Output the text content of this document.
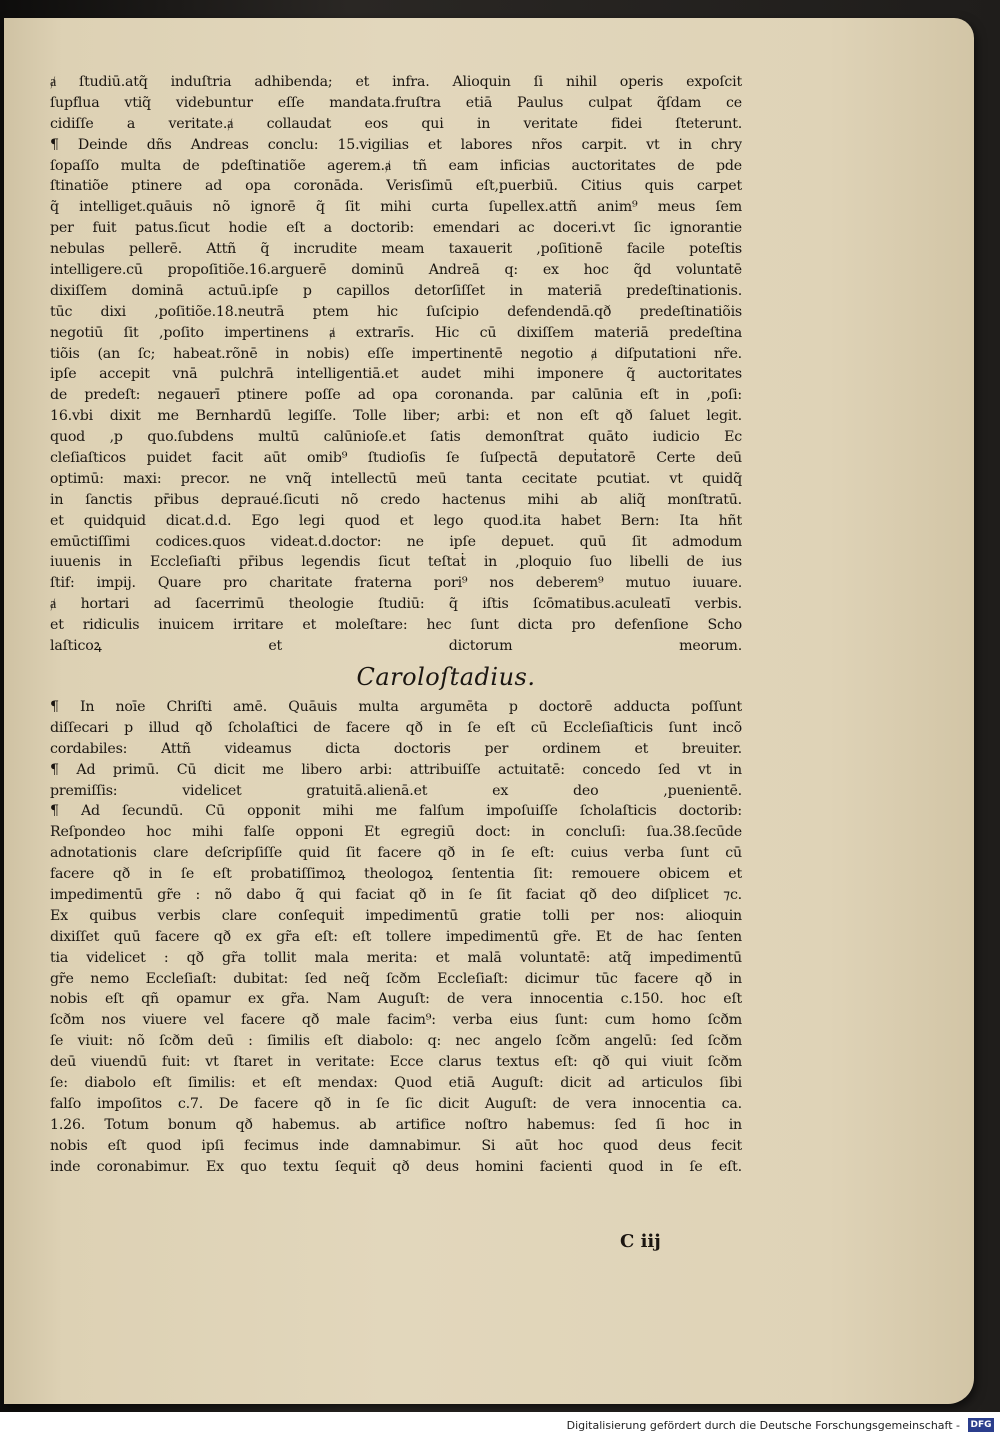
ⱥ ſtudiū.atq̃ induſtria adhibenda; et infra. Alioquin ſi nihil operis expoſcit
ſupflua vtiq̃ videbuntur eſſe mandata.fruſtra etiā Paulus culpat q̃ſdam ce
cidiſſe a veritate.ⱥ collaudat eos qui in veritate fidei ſteterunt.
¶ Deinde dñs Andreas conclu: 15.vigilias et labores nr̃os carpit. vt in chry
ſopaſſo multa de pdeſtinatiõe agerem.ⱥ tñ eam inficias auctoritates de pde
ſtinatiõe ptinere ad opa coronāda. Verisſimū eſt,puerbiū. Citius quis carpet
q̃ intelliget.quāuis nõ ignorē q̃ ſit mihi curta ſupellex.attñ anim⁹ meus ſem
per fuit patus.ſicut hodie eſt a doctorib: emendari ac doceri.vt ſic ignorantie
nebulas pellerē. Attñ q̃ incrudite meam taxauerit ,poſitionē facile poteſtis
intelligere.cū propoſitiõe.16.arguerē dominū Andreā q: ex hoc q̃d voluntatē
dixiſſem dominā actuū.ipſe p capillos detorſiſſet in materiā predeſtinationis.
tūc dixi ,poſitiõe.18.neutrā ptem hic ſuſcipio defendendā.qð predeſtinatiõis
negotiū ſit ,poſito impertinens ⱥ extrarīs. Hic cū dixiſſem materiā predeſtina
tiõis (an ſc; habeat.rõnē in nobis) eſſe impertinentē negotio ⱥ diſputationi nr̃e.
ipſe accepit vnā pulchrā intelligentiā.et audet mihi imponere q̃ auctoritates
de predeſt: negauerī ptinere poſſe ad opa coronanda. par calūnia eſt in ,poſi:
16.vbi dixit me Bernhardū legiſſe. Tolle liber; arbi: et non eſt qð ſaluet legit.
quod ,p quo.ſubdens multū calūnioſe.et ſatis demonſtrat quāto iudicio Ec
cleſiaſticos puidet facit aūt omib⁹ ſtudioſis ſe ſuſpectā depuṫatorē Certe deū
optimū: maxi: precor. ne vnq̃ intellectū meū tanta cecitate pcutiat. vt quidq̃
in ſanctis pr̄ibus depraué.ſicuti nõ credo hactenus mihi ab aliq̃ monſtratū.
et quidquid dicat.d.d. Ego legi quod et lego quod.ita habet Bern: Ita hñt
emūctiſſimi codices.quos videat.d.doctor: ne ipſe depuet. quū ſit admodum
iuuenis in Eccleſiaſti pr̄ibus legendis ſicut teſtaṫ in ,ploquio ſuo libelli de ius
ſtif: impij. Quare pro charitate fraterna pori⁹ nos deberem⁹ mutuo iuuare.
ⱥ hortari ad ſacerrimū theologie ſtudiū: q̃ iſtis ſcōmatibus.aculeatī verbis.
et ridiculis inuicem irritare et moleſtare: hec ſunt dicta pro defenſione Scho
laſticoꝝ et dictorum meorum.
Caroloſtadius.
¶ In noīe Chriſti amē. Quāuis multa argumēta p doctorē adducta poſſunt
diſſecari p illud qð ſcholaſtici de facere qð in ſe eſt cū Eccleſiaſticis ſunt incõ
cordabiles: Attñ videamus dicta doctoris per ordinem et breuiter.
¶ Ad primū. Cū dicit me libero arbi: attribuiſſe actuitatē: concedo ſed vt in
premiſſis: videlicet gratuitā.alienā.et ex deo ,puenientē.
¶ Ad ſecundū. Cū opponit mihi me falſum impoſuiſſe ſcholaſticis doctorib:
Reſpondeo hoc mihi falſe opponi Et egregiū doct: in concluſi: ſua.38.ſecūde
adnotationis clare deſcripſiſſe quid ſit facere qð in ſe eſt: cuius verba ſunt cū
facere qð in ſe eſt probatiſſimoꝝ theologoꝝ ſententia ſit: remouere obicem et
impedimentū gr̃e : nõ dabo q̃ qui faciat qð in ſe ſit faciat qð deo diſplicet ⁊c.
Ex quibus verbis clare conſequiṫ impedimentū gratie tolli per nos: alioquin
dixiſſet quū facere qð ex gr̃a eſt: eſt tollere impedimentū gr̃e. Et de hac ſenten
tia videlicet : qð gr̃a tollit mala merita: et malā voluntatē: atq̃ impedimentū
gr̃e nemo Eccleſiaſt: dubitat: ſed neq̃ ſcðm Eccleſiaſt: dicimur tūc facere qð in
nobis eſt qñ opamur ex gr̃a. Nam Auguſt: de vera innocentia c.150. hoc eſt
ſcðm nos viuere vel facere qð male facim⁹: verba eius ſunt: cum homo ſcðm
ſe viuit: nõ ſcðm deū : ſimilis eſt diabolo: q: nec angelo ſcðm angelū: ſed ſcðm
deū viuendū fuit: vt ſtaret in veritate: Ecce clarus textus eſt: qð qui viuit ſcðm
ſe: diabolo eſt ſimilis: et eſt mendax: Quod etiā Auguſt: dicit ad articulos ſibi
falſo impoſitos c.7. De facere qð in ſe ſic dicit Auguſt: de vera innocentia ca.
1.26. Totum bonum qð habemus. ab artifice noſtro habemus: ſed ſi hoc in
nobis eſt quod ipſi fecimus inde damnabimur. Si aūt hoc quod deus fecit
inde coronabimur. Ex quo textu ſequiṫ qð deus homini facienti quod in ſe eſt.
C iij
Digitalisierung gefördert durch die Deutsche Forschungsgemeinschaft - DFG
